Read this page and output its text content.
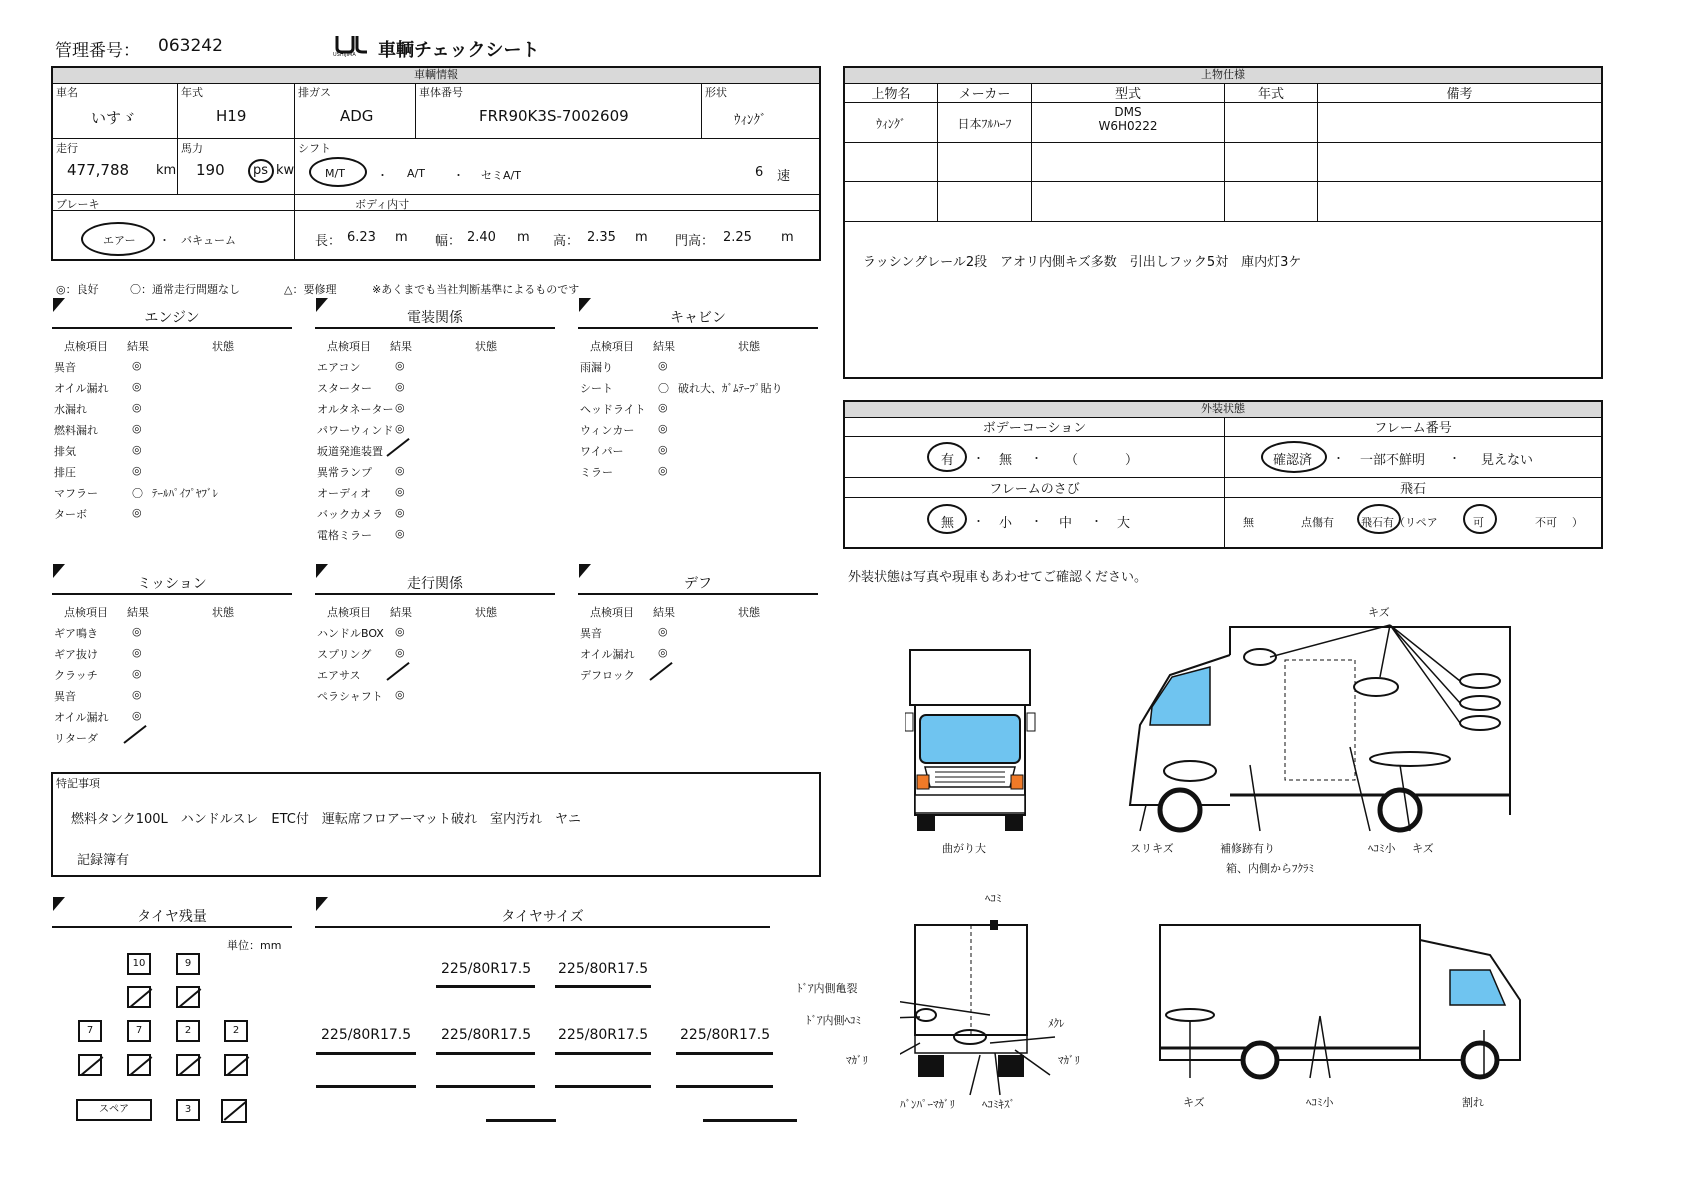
管理番号： 063242	USHIJIMA 車輌チェックシート
車輌情報
車名
いすゞ
年式
H19
排ガス
ADG
車体番号
FRR90K3S-7002609
形状
ｳｨﾝｸﾞ
走行
477,788 km
馬力
190 ps kw
シフト
M/T	・ A/T	・ セミA/T	6 速
ブレーキ
エアー ・ バキューム
ボディ内寸
長： 6.23 m 幅： 2.40 m 高： 2.35 m 門高： 2.25 m
◎：良好	〇：通常走行問題なし	△：要修理	※あくまでも当社判断基準によるものです
エンジン
点検項目 結果	状態
異音	◎
オイル漏れ ◎
水漏れ	◎
燃料漏れ	◎
排気	◎
排圧	◎
マフラー	〇 ﾃｰﾙﾊﾟｲﾌﾟﾔﾌﾞﾚ
ターボ	◎
電装関係
点検項目 結果	状態
エアコン	◎
スターター ◎
オルタネーター ◎
パワーウィンド ◎
坂道発進装置
異常ランプ ◎
オーディオ ◎
バックカメラ ◎
電格ミラー ◎
キャビン
点検項目 結果	状態
雨漏り	◎
シート	〇 破れ大、ｶﾞﾑﾃｰﾌﾟ貼り
ヘッドライト ◎
ウィンカー ◎
ワイパー	◎
ミラー	◎
ミッション
点検項目 結果	状態
ギア鳴き	◎
ギア抜け	◎
クラッチ	◎
異音	◎
オイル漏れ ◎
リターダ
走行関係
点検項目 結果	状態
ハンドルBOX ◎
スプリング ◎
エアサス
ペラシャフト ◎
デフ
点検項目 結果	状態
異音	◎
オイル漏れ ◎
デフロック
特記事項
燃料タンク100L　ハンドルスレ　ETC付　運転席フロアーマット破れ　室内汚れ　ヤニ
記録簿有
タイヤ残量
単位：mm
10	9
7	7	2	2
スペア	3
タイヤサイズ
225/80R17.5 225/80R17.5
225/80R17.5 225/80R17.5 225/80R17.5 225/80R17.5
上物仕様
上物名	メーカー	型式	年式	備考
ｳｨﾝｸﾞ	日本ﾌﾙﾊｰﾌ
DMS
W6H0222
ラッシングレール2段　アオリ内側キズ多数　引出しフック5対　庫内灯3ケ
外装状態
ボデーコーション	フレーム番号
有 ・ 無 ・ （	）	確認済 ・ 一部不鮮明 ・ 見えない
フレームのさび	飛石
無 ・ 小 ・ 中 ・ 大	無	点傷有 飛石有（リペア	可	不可 ）
外装状態は写真や現車もあわせてご確認ください。
曲がり大
キズ
スリキズ	補修跡有り
箱、内側からﾌｸﾗﾐ
ﾍｺﾐ小 キズ
ﾍｺﾐ
ﾄﾞｱ内側亀裂
ﾄﾞｱ内側ﾍｺﾐ
ﾏｶﾞﾘ
ﾒｸﾚ
ﾏｶﾞﾘ
ﾊﾞﾝﾊﾟｰﾏｶﾞﾘ ﾍｺﾐｷｽﾞ	キズ	ﾍｺﾐ小	割れ
